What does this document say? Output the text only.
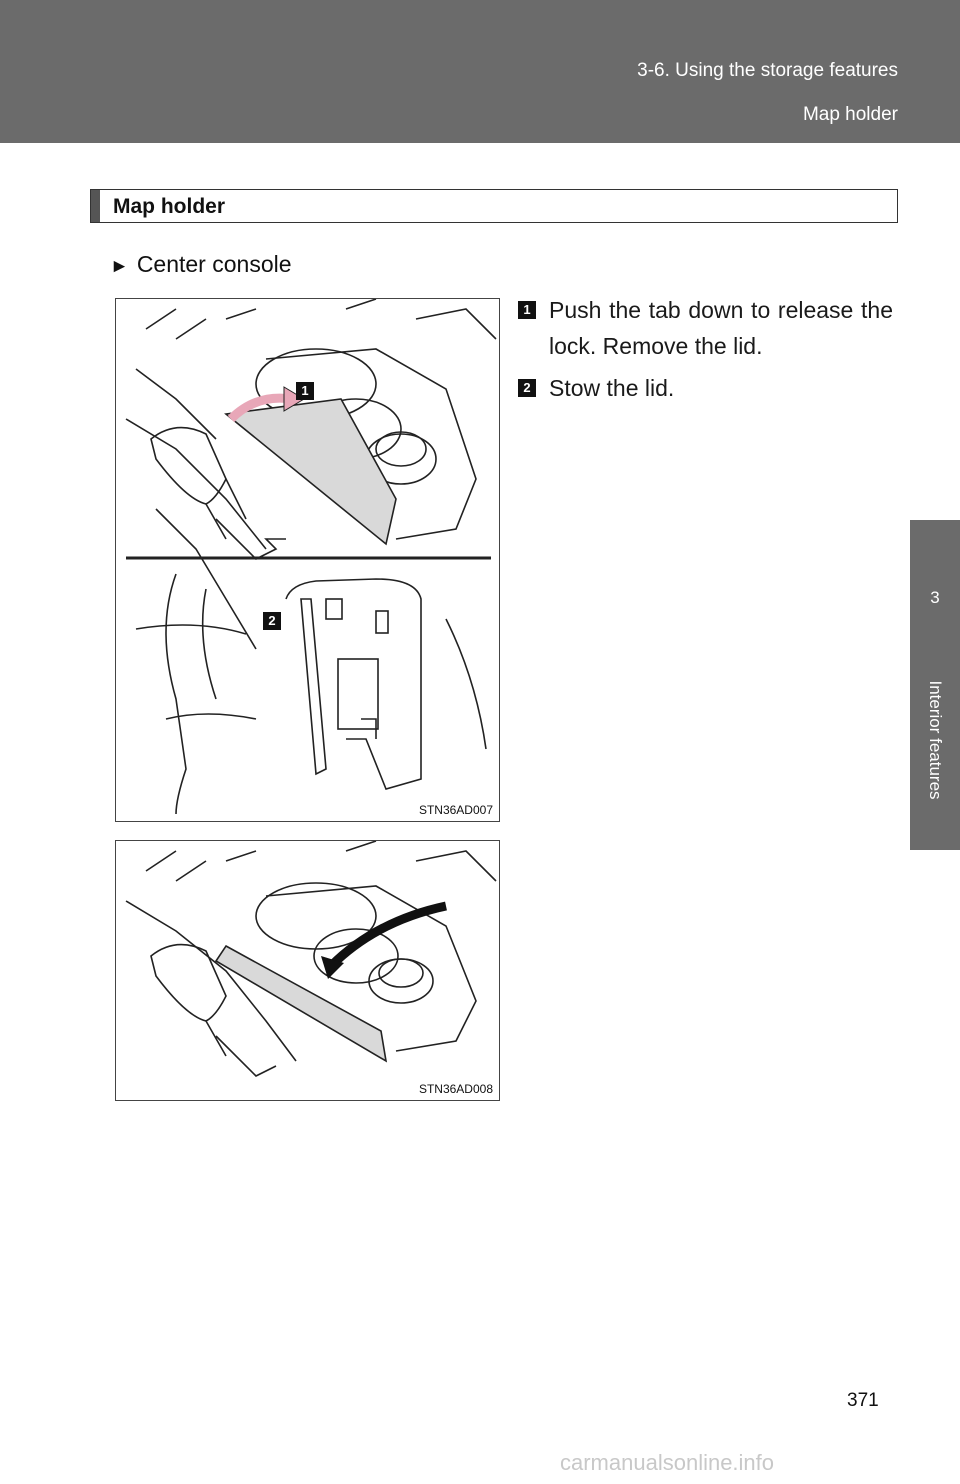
3-6. Using the storage features
Map holder
3
Interior features
Map holder
► Center console
1
2
STN36AD007
STN36AD008
1 Push the tab down to release the lock. Remove the lid.
2 Stow the lid.
371
carmanualsonline.info
